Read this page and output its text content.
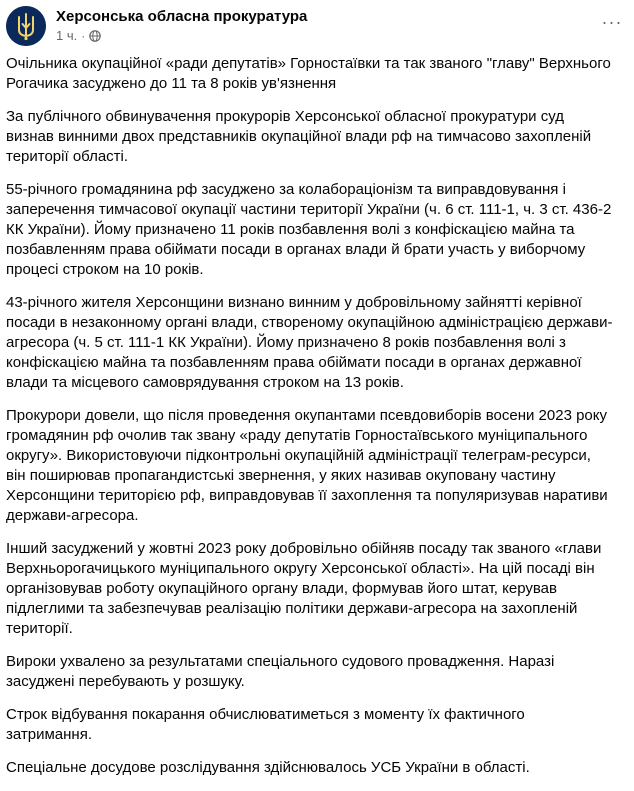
Херсонська обласна прокуратура
1 ч. ·
···

Очільника окупаційної «ради депутатів» Горностаївки та так званого "главу" Верхнього Рогачика засуджено до 11 та 8 років ув'язнення

За публічного обвинувачення прокурорів Херсонської обласної прокуратури суд визнав винними двох представників окупаційної влади рф на тимчасово захопленій території області.

55-річного громадянина рф засуджено за колабораціонізм та виправдовування і заперечення тимчасової окупації частини території України (ч. 6 ст. 111-1, ч. 3 ст. 436-2 КК України). Йому призначено 11 років позбавлення волі з конфіскацією майна та позбавленням права обіймати посади в органах влади й брати участь у виборчому процесі строком на 10 років.

43-річного жителя Херсонщини визнано винним у добровільному зайнятті керівної посади в незаконному органі влади, створеному окупаційною адміністрацією держави-агресора (ч. 5 ст. 111-1 КК України). Йому призначено 8 років позбавлення волі з конфіскацією майна та позбавленням права обіймати посади в органах державної влади та місцевого самоврядування строком на 13 років.

Прокурори довели, що після проведення окупантами псевдовиборів восени 2023 року громадянин рф очолив так звану «раду депутатів Горностаївського муніципального округу». Використовуючи підконтрольні окупаційній адміністрації телеграм-ресурси, він поширював пропагандистські звернення, у яких називав окуповану частину Херсонщини територією рф, виправдовував її захоплення та популяризував наративи держави-агресора.

Інший засуджений у жовтні 2023 року добровільно обійняв посаду так званого «глави Верхньорогачицького муніципального округу Херсонської області». На цій посаді він організовував роботу окупаційного органу влади, формував його штат, керував підлеглими та забезпечував реалізацію політики держави-агресора на захопленій території.

Вироки ухвалено за результатами спеціального судового провадження. Наразі засуджені перебувають у розшуку.

Строк відбування покарання обчислюватиметься з моменту їх фактичного затримання.

Спеціальне досудове розслідування здійснювалось УСБ України в області.
